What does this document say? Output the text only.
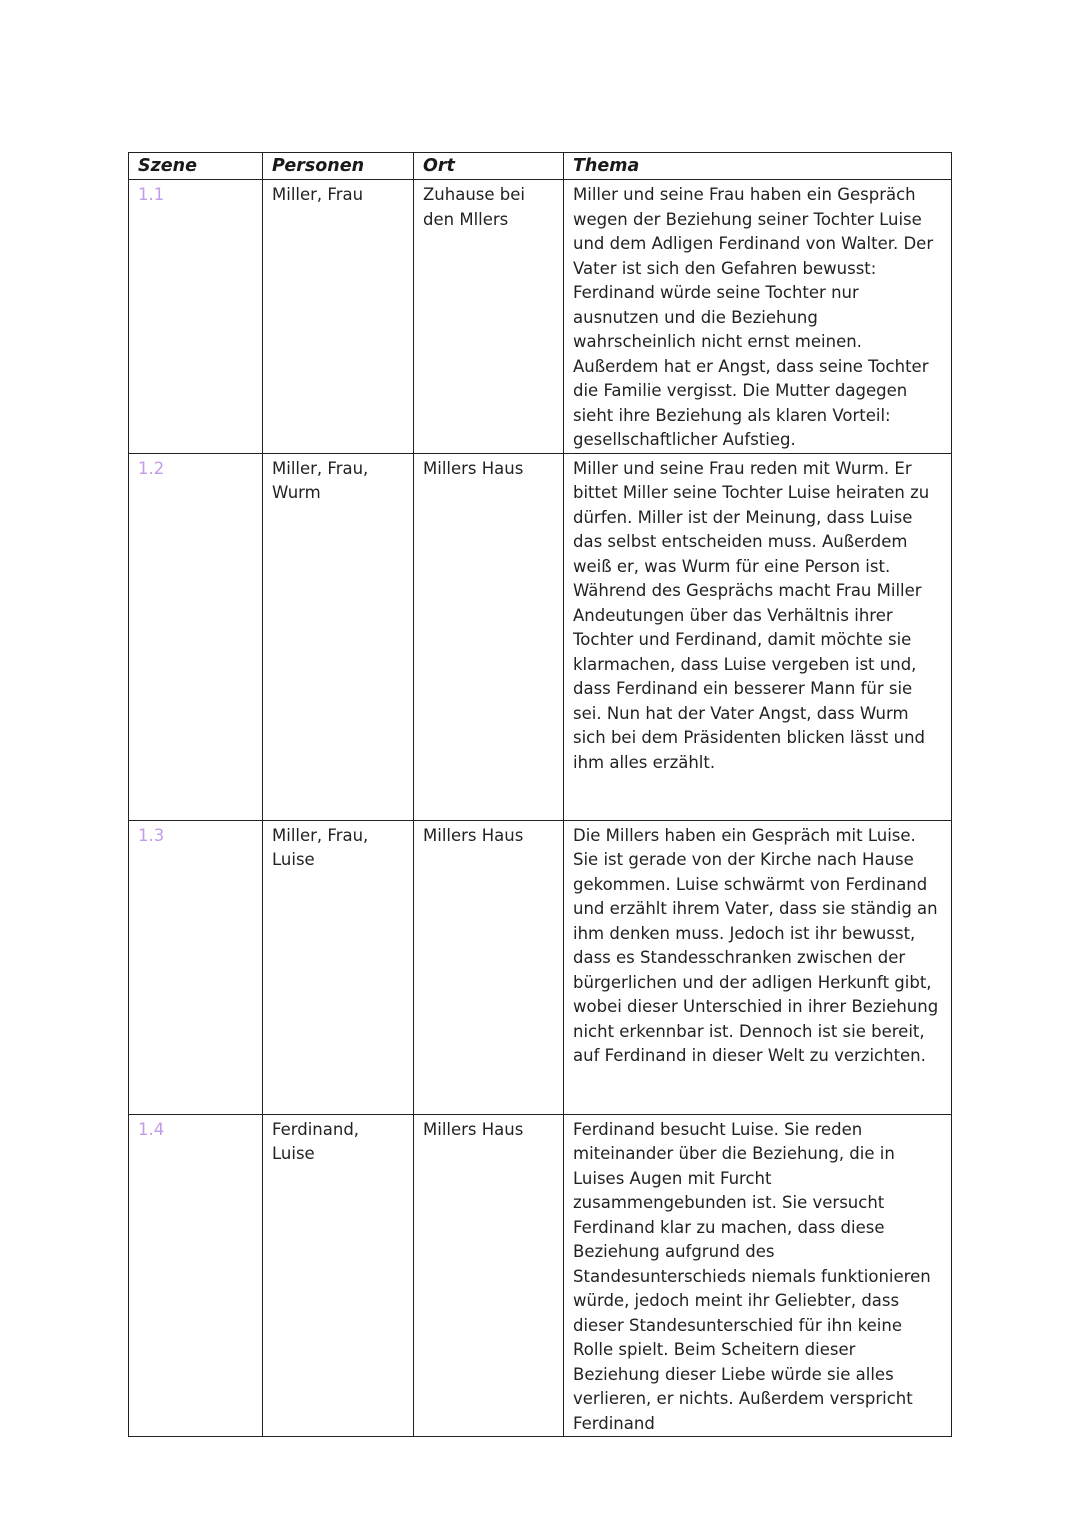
Szene	Personen	Ort	Thema
1.1	Miller, Frau	Zuhause bei den Mllers	Miller und seine Frau haben ein Gespräch wegen der Beziehung seiner Tochter Luise und dem Adligen Ferdinand von Walter. Der Vater ist sich den Gefahren bewusst: Ferdinand würde seine Tochter nur ausnutzen und die Beziehung wahrscheinlich nicht ernst meinen. Außerdem hat er Angst, dass seine Tochter die Familie vergisst. Die Mutter dagegen sieht ihre Beziehung als klaren Vorteil: gesellschaftlicher Aufstieg.
1.2	Miller, Frau, Wurm	Millers Haus	Miller und seine Frau reden mit Wurm. Er bittet Miller seine Tochter Luise heiraten zu dürfen. Miller ist der Meinung, dass Luise das selbst entscheiden muss. Außerdem weiß er, was Wurm für eine Person ist. Während des Gesprächs macht Frau Miller Andeutungen über das Verhältnis ihrer Tochter und Ferdinand, damit möchte sie klarmachen, dass Luise vergeben ist und, dass Ferdinand ein besserer Mann für sie sei. Nun hat der Vater Angst, dass Wurm sich bei dem Präsidenten blicken lässt und ihm alles erzählt.
1.3	Miller, Frau, Luise	Millers Haus	Die Millers haben ein Gespräch mit Luise. Sie ist gerade von der Kirche nach Hause gekommen. Luise schwärmt von Ferdinand und erzählt ihrem Vater, dass sie ständig an ihm denken muss. Jedoch ist ihr bewusst, dass es Standesschranken zwischen der bürgerlichen und der adligen Herkunft gibt, wobei dieser Unterschied in ihrer Beziehung nicht erkennbar ist. Dennoch ist sie bereit, auf Ferdinand in dieser Welt zu verzichten.
1.4	Ferdinand, Luise	Millers Haus	Ferdinand besucht Luise. Sie reden miteinander über die Beziehung, die in Luises Augen mit Furcht zusammengebunden ist. Sie versucht Ferdinand klar zu machen, dass diese Beziehung aufgrund des Standesunterschieds niemals funktionieren würde, jedoch meint ihr Geliebter, dass dieser Standesunterschied für ihn keine Rolle spielt. Beim Scheitern dieser Beziehung dieser Liebe würde sie alles verlieren, er nichts. Außerdem verspricht Ferdinand
